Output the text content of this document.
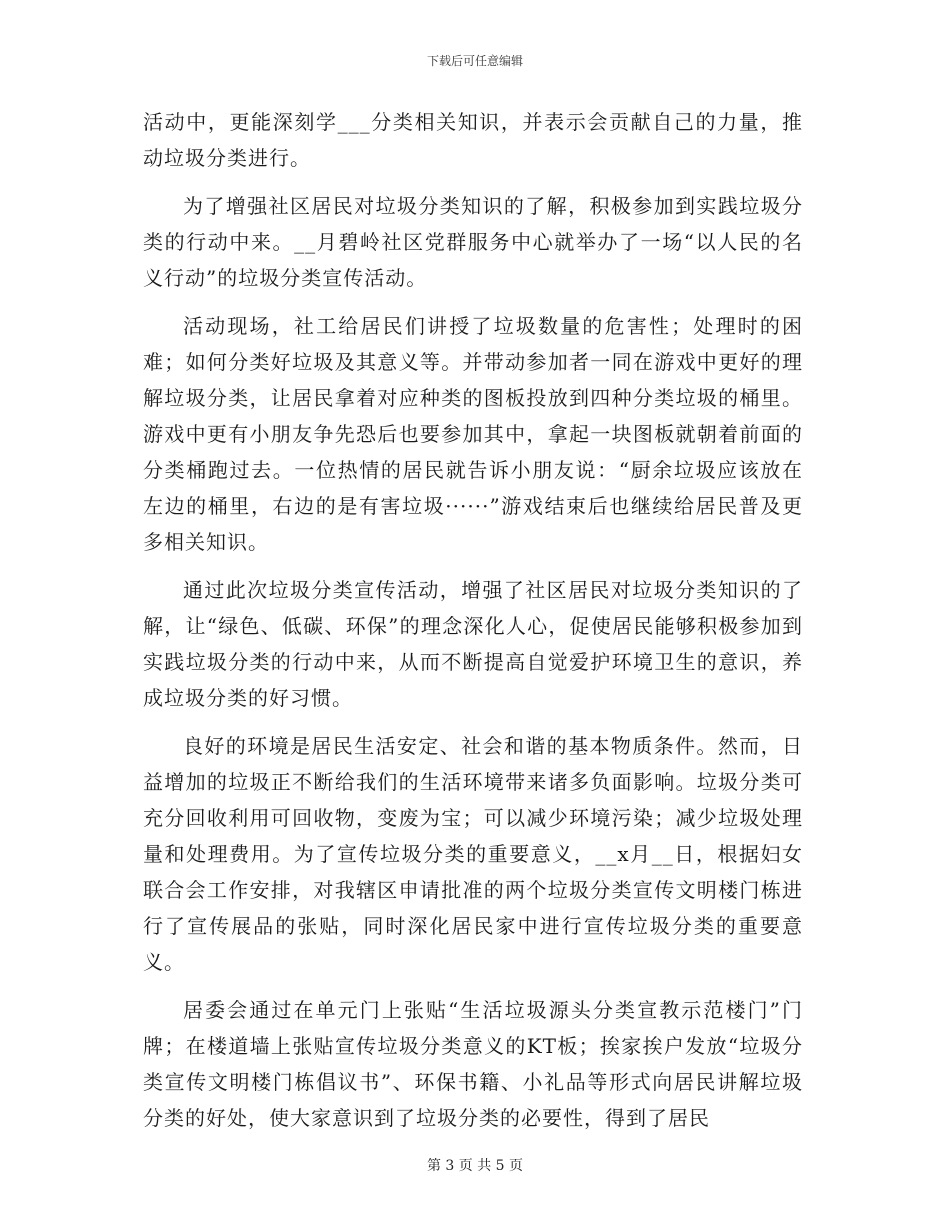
下载后可任意编辑

活动中，更能深刻学___分类相关知识，并表示会贡献自己的力量，推动垃圾分类进行。

为了增强社区居民对垃圾分类知识的了解，积极参加到实践垃圾分类的行动中来。__月碧岭社区党群服务中心就举办了一场“以人民的名义行动”的垃圾分类宣传活动。

活动现场，社工给居民们讲授了垃圾数量的危害性；处理时的困难；如何分类好垃圾及其意义等。并带动参加者一同在游戏中更好的理解垃圾分类，让居民拿着对应种类的图板投放到四种分类垃圾的桶里。游戏中更有小朋友争先恐后也要参加其中，拿起一块图板就朝着前面的分类桶跑过去。一位热情的居民就告诉小朋友说：“厨余垃圾应该放在左边的桶里，右边的是有害垃圾······”游戏结束后也继续给居民普及更多相关知识。

通过此次垃圾分类宣传活动，增强了社区居民对垃圾分类知识的了解，让“绿色、低碳、环保”的理念深化人心，促使居民能够积极参加到实践垃圾分类的行动中来，从而不断提高自觉爱护环境卫生的意识，养成垃圾分类的好习惯。

良好的环境是居民生活安定、社会和谐的基本物质条件。然而，日益增加的垃圾正不断给我们的生活环境带来诸多负面影响。垃圾分类可充分回收利用可回收物，变废为宝；可以减少环境污染；减少垃圾处理量和处理费用。为了宣传垃圾分类的重要意义，__x月__日，根据妇女联合会工作安排，对我辖区申请批准的两个垃圾分类宣传文明楼门栋进行了宣传展品的张贴，同时深化居民家中进行宣传垃圾分类的重要意义。

居委会通过在单元门上张贴“生活垃圾源头分类宣教示范楼门”门牌；在楼道墙上张贴宣传垃圾分类意义的KT板；挨家挨户发放“垃圾分类宣传文明楼门栋倡议书”、环保书籍、小礼品等形式向居民讲解垃圾分类的好处，使大家意识到了垃圾分类的必要性，得到了居民

第 3 页 共 5 页
